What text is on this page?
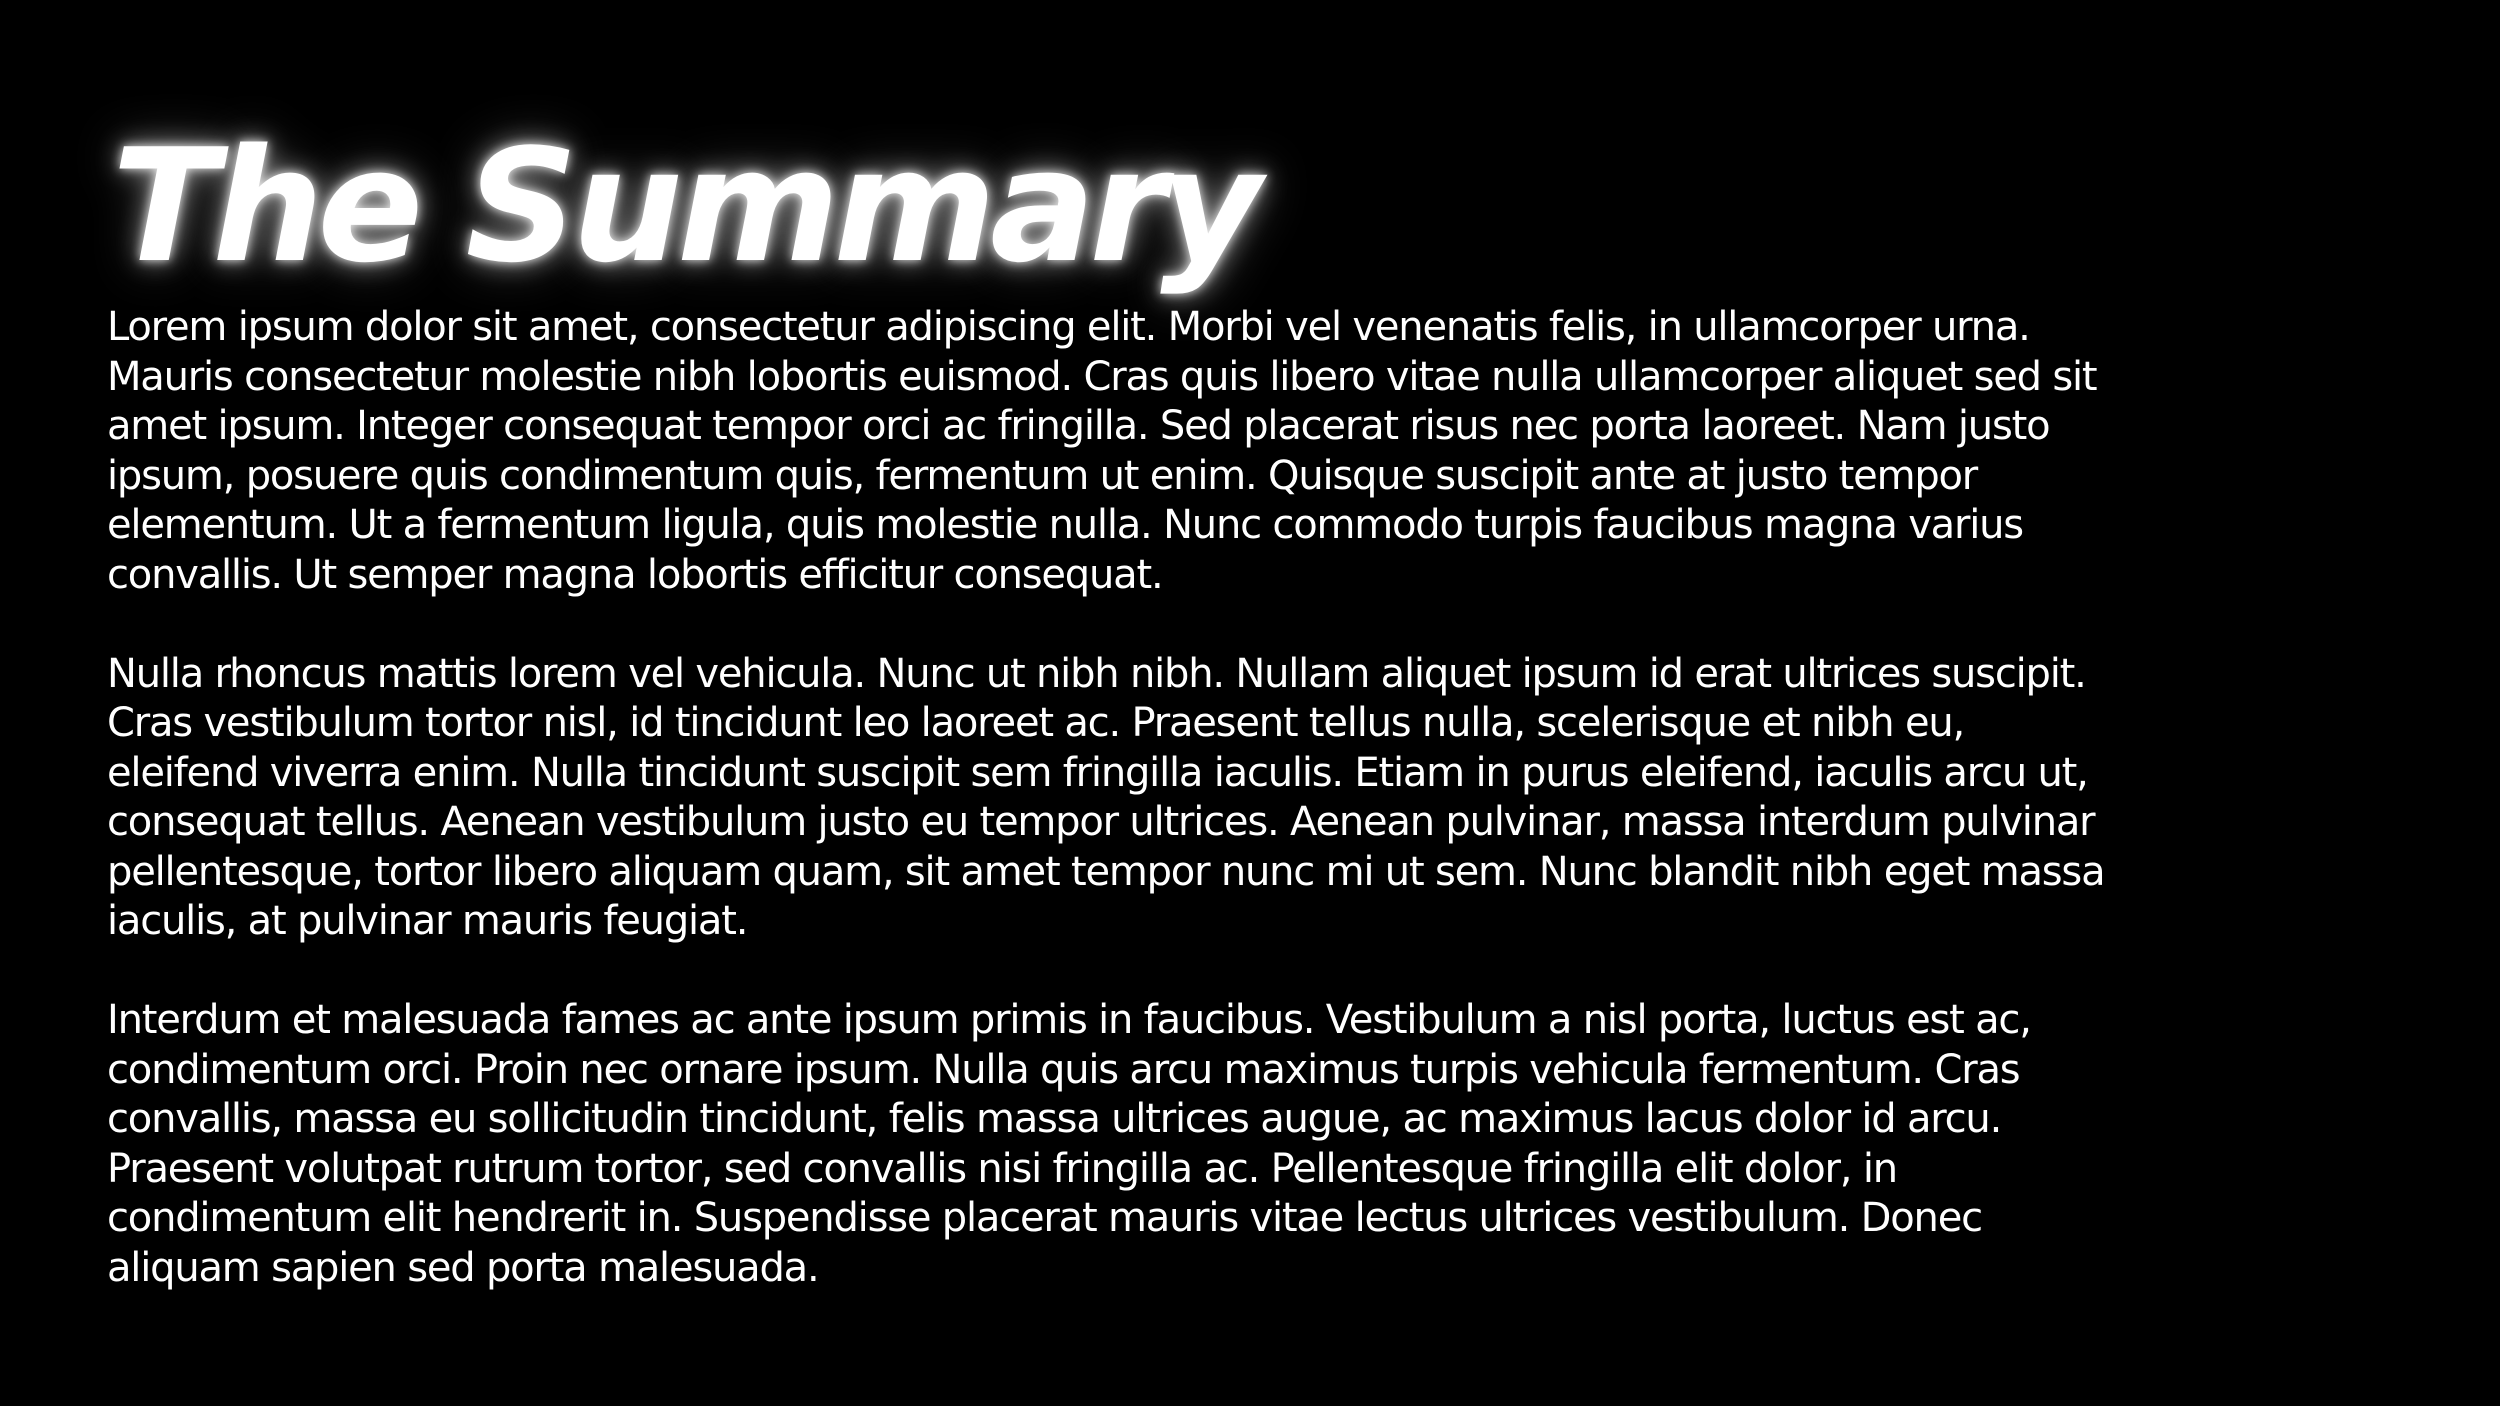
The Summary

Lorem ipsum dolor sit amet, consectetur adipiscing elit. Morbi vel venenatis felis, in ullamcorper urna.
Mauris consectetur molestie nibh lobortis euismod. Cras quis libero vitae nulla ullamcorper aliquet sed sit
amet ipsum. Integer consequat tempor orci ac fringilla. Sed placerat risus nec porta laoreet. Nam justo
ipsum, posuere quis condimentum quis, fermentum ut enim. Quisque suscipit ante at justo tempor
elementum. Ut a fermentum ligula, quis molestie nulla. Nunc commodo turpis faucibus magna varius
convallis. Ut semper magna lobortis efficitur consequat.

Nulla rhoncus mattis lorem vel vehicula. Nunc ut nibh nibh. Nullam aliquet ipsum id erat ultrices suscipit.
Cras vestibulum tortor nisl, id tincidunt leo laoreet ac. Praesent tellus nulla, scelerisque et nibh eu,
eleifend viverra enim. Nulla tincidunt suscipit sem fringilla iaculis. Etiam in purus eleifend, iaculis arcu ut,
consequat tellus. Aenean vestibulum justo eu tempor ultrices. Aenean pulvinar, massa interdum pulvinar
pellentesque, tortor libero aliquam quam, sit amet tempor nunc mi ut sem. Nunc blandit nibh eget massa
iaculis, at pulvinar mauris feugiat.

Interdum et malesuada fames ac ante ipsum primis in faucibus. Vestibulum a nisl porta, luctus est ac,
condimentum orci. Proin nec ornare ipsum. Nulla quis arcu maximus turpis vehicula fermentum. Cras
convallis, massa eu sollicitudin tincidunt, felis massa ultrices augue, ac maximus lacus dolor id arcu.
Praesent volutpat rutrum tortor, sed convallis nisi fringilla ac. Pellentesque fringilla elit dolor, in
condimentum elit hendrerit in. Suspendisse placerat mauris vitae lectus ultrices vestibulum. Donec
aliquam sapien sed porta malesuada.
